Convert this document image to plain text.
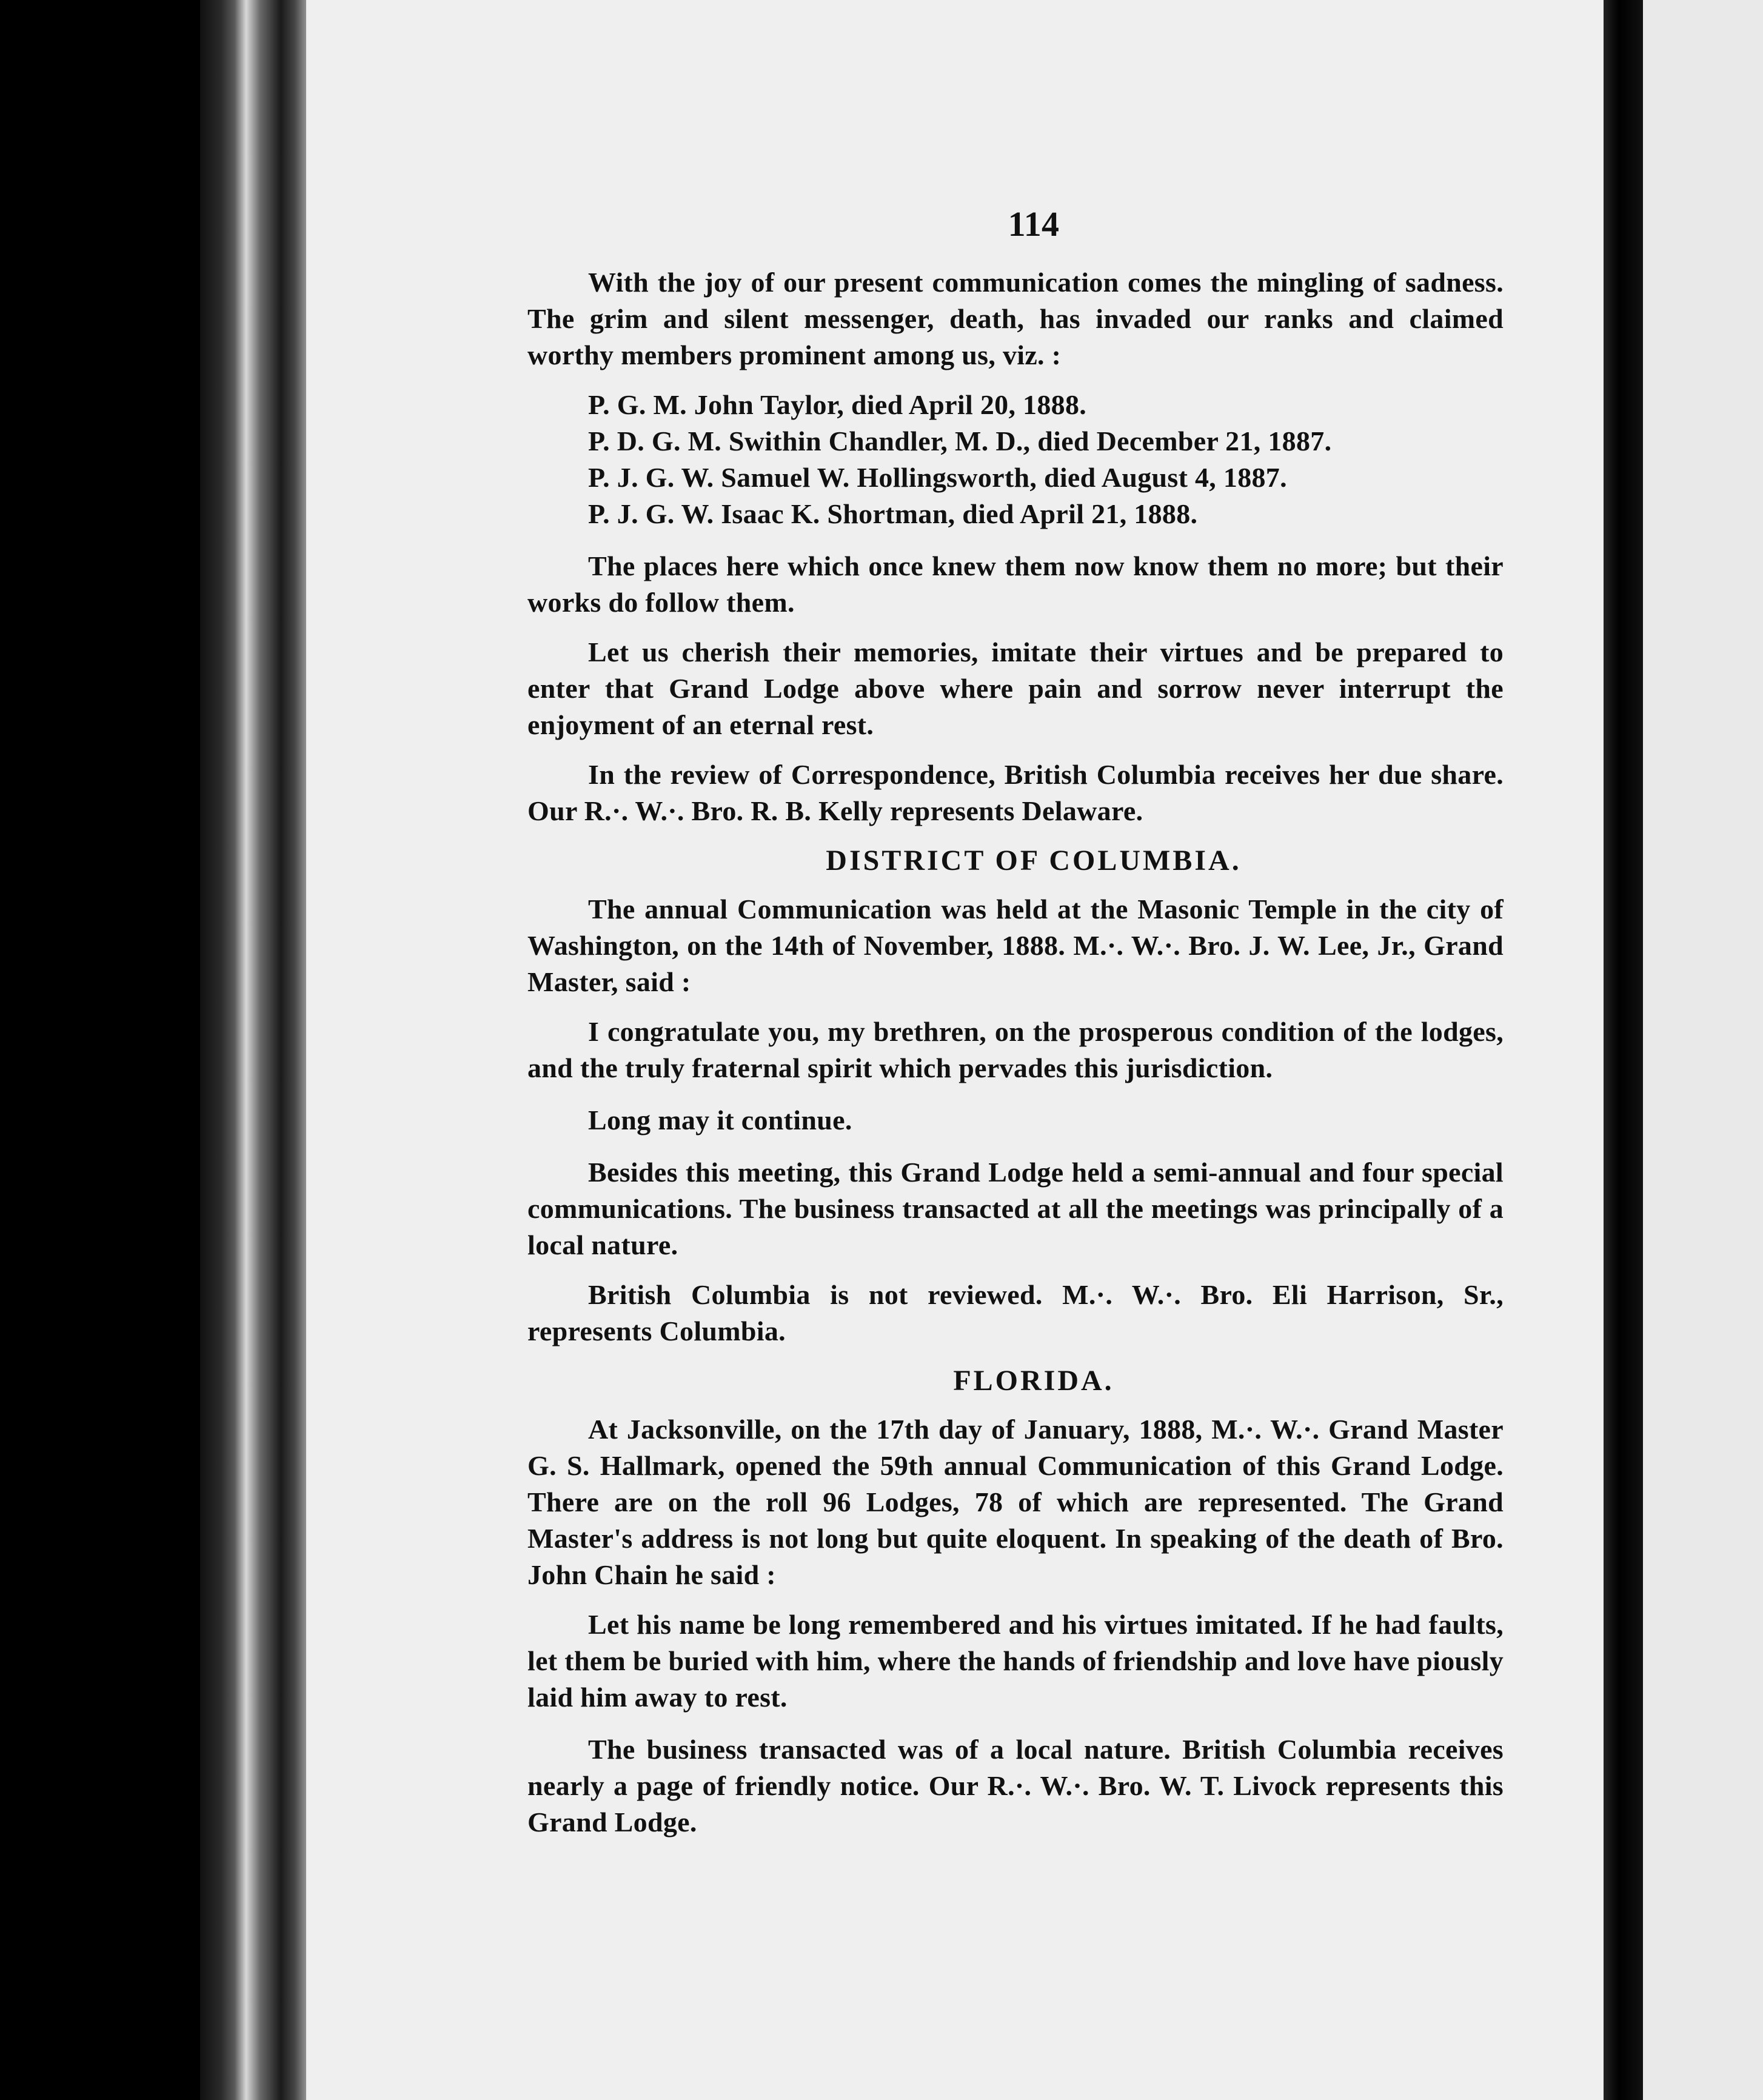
114

With the joy of our present communication comes the mingling of sadness. The grim and silent messenger, death, has invaded our ranks and claimed worthy members prominent among us, viz. :

P. G. M. John Taylor, died April 20, 1888.
P. D. G. M. Swithin Chandler, M. D., died December 21, 1887.
P. J. G. W. Samuel W. Hollingsworth, died August 4, 1887.
P. J. G. W. Isaac K. Shortman, died April 21, 1888.

The places here which once knew them now know them no more; but their works do follow them.

Let us cherish their memories, imitate their virtues and be prepared to enter that Grand Lodge above where pain and sorrow never interrupt the enjoyment of an eternal rest.

In the review of Correspondence, British Columbia receives her due share. Our R.·. W.·. Bro. R. B. Kelly represents Delaware.

DISTRICT OF COLUMBIA.

The annual Communication was held at the Masonic Temple in the city of Washington, on the 14th of November, 1888. M.·. W.·. Bro. J. W. Lee, Jr., Grand Master, said :

I congratulate you, my brethren, on the prosperous condition of the lodges, and the truly fraternal spirit which pervades this jurisdiction.

Long may it continue.

Besides this meeting, this Grand Lodge held a semi-annual and four special communications. The business transacted at all the meetings was principally of a local nature.

British Columbia is not reviewed. M.·. W.·. Bro. Eli Harrison, Sr., represents Columbia.

FLORIDA.

At Jacksonville, on the 17th day of January, 1888, M.·. W.·. Grand Master G. S. Hallmark, opened the 59th annual Communication of this Grand Lodge. There are on the roll 96 Lodges, 78 of which are represented. The Grand Master's address is not long but quite eloquent. In speaking of the death of Bro. John Chain he said :

Let his name be long remembered and his virtues imitated. If he had faults, let them be buried with him, where the hands of friendship and love have piously laid him away to rest.

The business transacted was of a local nature. British Columbia receives nearly a page of friendly notice. Our R.·. W.·. Bro. W. T. Livock represents this Grand Lodge.
